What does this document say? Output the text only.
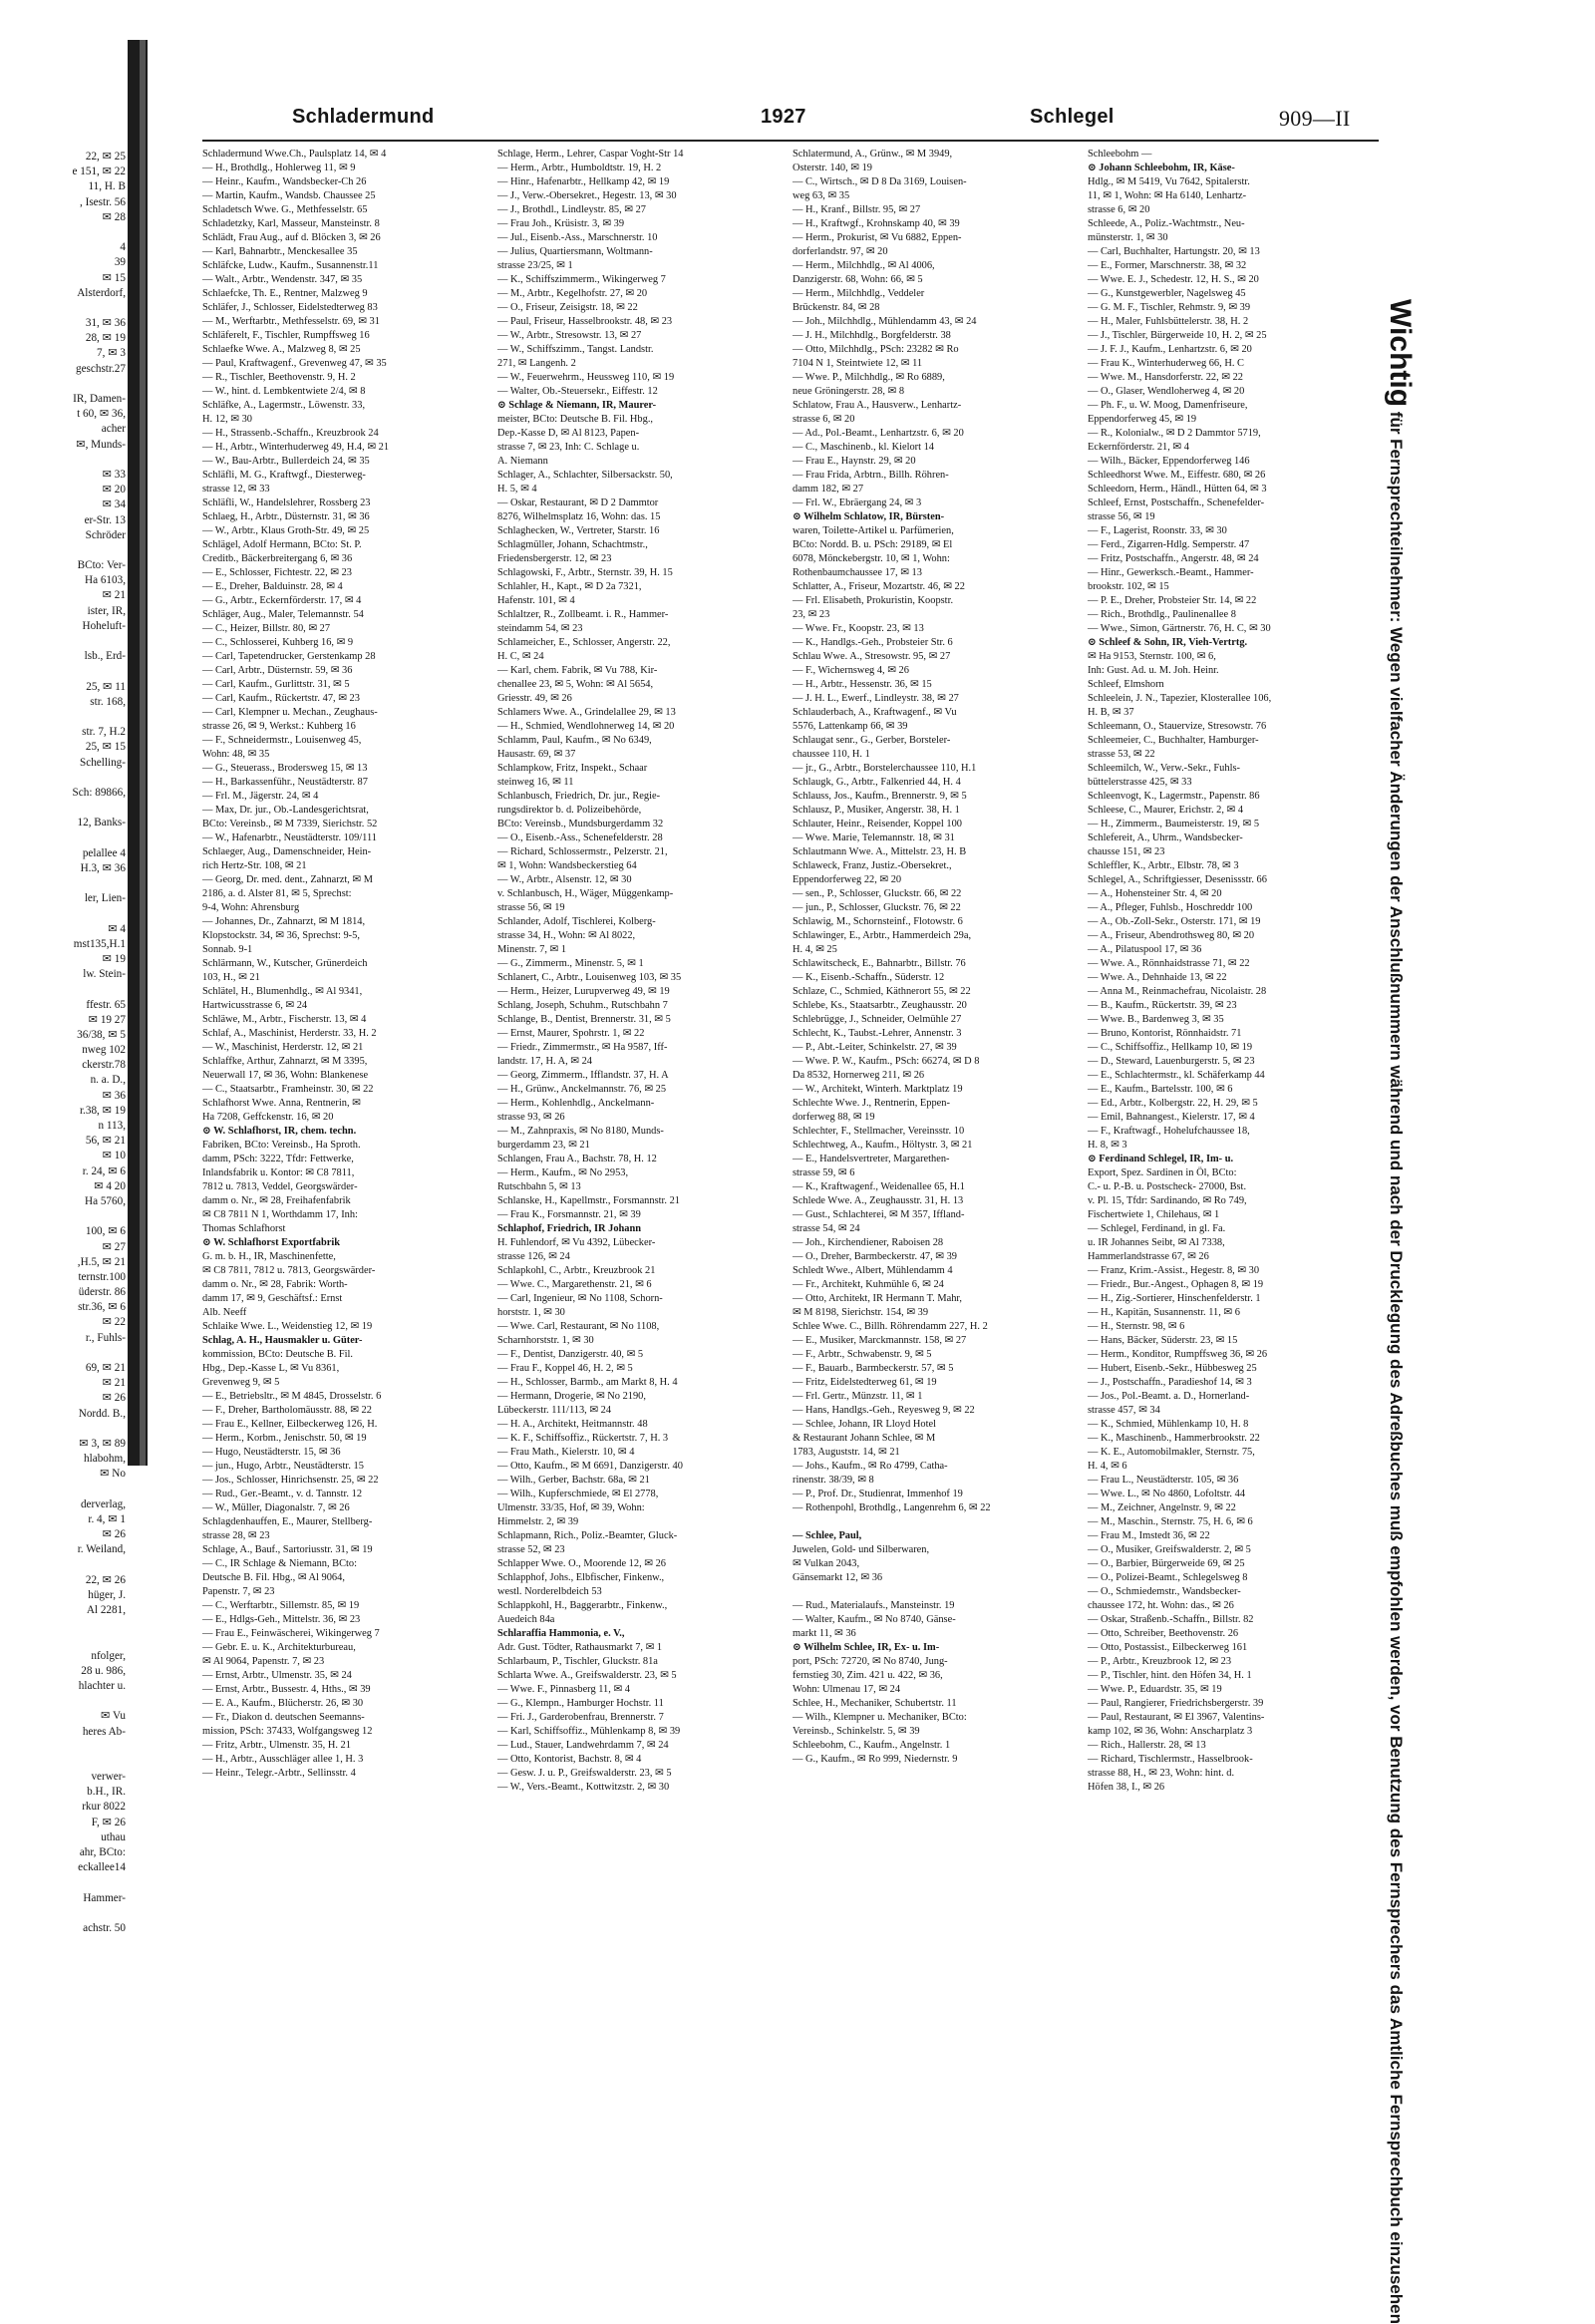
22, ✉ 25
e 151, ✉ 22
11, H. B
, Isestr. 56
✉ 28
4
39
✉ 15
Alsterdorf,
31, ✉ 36
28, ✉ 19
7, ✉ 3
geschstr.27
IR, Damen-
t 60, ✉ 36,
acher
✉, Munds-
✉ 33
✉ 20
✉ 34
er-Str. 13
Schröder
BCto: Ver-
Ha 6103,
✉ 21
ister, IR,
Hoheluft-
lsb., Erd-
25, ✉ 11
str. 168,
str. 7, H.2
25, ✉ 15
Schelling-
Sch: 89866,
12, Banks-
pelallee 4
H.3, ✉ 36
ler, Lien-
✉ 4
mst135,H.1
✉ 19
lw. Stein-
ffestr. 65
✉ 19 27
36/38, ✉ 5
nweg 102
ckerstr.78
n. a. D.,
✉ 36
r.38, ✉ 19
n 113,
56, ✉ 21
✉ 10
r. 24, ✉ 6
✉ 4 20
Ha 5760,
100, ✉ 6
✉ 27
,H.5, ✉ 21
ternstr.100
üderstr. 86
str.36, ✉ 6
✉ 22
r., Fuhls-
69, ✉ 21
✉ 21
✉ 26
Nordd. B.,
✉ 3, ✉ 89
hlabohm,
✉ No
derverlag,
r. 4, ✉ 1
✉ 26
r. Weiland,
22, ✉ 26
hüger, J.
Al 2281,
nfolger,
28 u. 986,
hlachter u.
✉ Vu
heres Ab-
verwer-
b.H., IR.
rkur 8022
F, ✉ 26
uthau
ahr, BCto:
eckallee14
Hammer-
achstr. 50
Schladermund	1927	Schlegel	909—II
Schladermund Wwe.Ch., Paulsplatz 14, ✉ 4
— H., Brothdlg., Hohlerweg 11, ✉ 9
— Heinr., Kaufm., Wandsbecker-Ch 26
— Martin, Kaufm., Wandsb. Chaussee 25
Schladetsch Wwe. G., Methfesselstr. 65
Schladetzky, Karl, Masseur, Mansteinstr. 8
Schlädt, Frau Aug., auf d. Blöcken 3, ✉ 26
— Karl, Bahnarbtr., Menckesallee 35
Schläfcke, Ludw., Kaufm., Susannenstr.11
— Walt., Arbtr., Wendenstr. 347, ✉ 35
Schlaefcke, Th. E., Rentner, Malzweg 9
Schläfer, J., Schlosser, Eidelstedterweg 83
— M., Werftarbtr., Methfesselstr. 69, ✉ 31
Schläferelt, F., Tischler, Rumpffsweg 16
Schlaefke Wwe. A., Malzweg 8, ✉ 25
— Paul, Kraftwagenf., Grevenweg 47, ✉ 35
— R., Tischler, Beethovenstr. 9, H. 2
— W., hint. d. Lembkentwiete 2/4, ✉ 8
Schläfke, A., Lagermstr., Löwenstr. 33,
H. 12, ✉ 30
— H., Strassenb.-Schaffn., Kreuzbrook 24
— H., Arbtr., Winterhuderweg 49, H.4, ✉ 21
— W., Bau-Arbtr., Bullerdeich 24, ✉ 35
Schläfli, M. G., Kraftwgf., Diesterweg-
strasse 12, ✉ 33
Schläfli, W., Handelslehrer, Rossberg 23
Schlaeg, H., Arbtr., Düsternstr. 31, ✉ 36
— W., Arbtr., Klaus Groth-Str. 49, ✉ 25
Schlägel, Adolf Hermann, BCto: St. P.
Creditb., Bäckerbreitergang 6, ✉ 36
— E., Schlosser, Fichtestr. 22, ✉ 23
— E., Dreher, Balduinstr. 28, ✉ 4
— G., Arbtr., Eckernförderstr. 17, ✉ 4
Schläger, Aug., Maler, Telemannstr. 54
— C., Heizer, Billstr. 80, ✉ 27
— C., Schlosserei, Kuhberg 16, ✉ 9
— Carl, Tapetendrucker, Gerstenkamp 28
— Carl, Arbtr., Düsternstr. 59, ✉ 36
— Carl, Kaufm., Gurlittstr. 31, ✉ 5
— Carl, Kaufm., Rückertstr. 47, ✉ 23
— Carl, Klempner u. Mechan., Zeughaus-
strasse 26, ✉ 9, Werkst.: Kuhberg 16
— F., Schneidermstr., Louisenweg 45,
Wohn: 48, ✉ 35
— G., Steuerass., Brodersweg 15, ✉ 13
— H., Barkassenführ., Neustädterstr. 87
— Frl. M., Jägerstr. 24, ✉ 4
— Max, Dr. jur., Ob.-Landesgerichtsrat,
BCto: Vereinsb., ✉ M 7339, Sierichstr. 52
— W., Hafenarbtr., Neustädterstr. 109/111
Schlaeger, Aug., Damenschneider, Hein-
rich Hertz-Str. 108, ✉ 21
— Georg, Dr. med. dent., Zahnarzt, ✉ M
2186, a. d. Alster 81, ✉ 5, Sprechst:
9-4, Wohn: Ahrensburg
— Johannes, Dr., Zahnarzt, ✉ M 1814,
Klopstockstr. 34, ✉ 36, Sprechst: 9-5,
Sonnab. 9-1
Schlärmann, W., Kutscher, Grünerdeich
103, H., ✉ 21
Schlätel, H., Blumenhdlg., ✉ Al 9341,
Hartwicusstrasse 6, ✉ 24
Schläwe, M., Arbtr., Fischerstr. 13, ✉ 4
Schlaf, A., Maschinist, Herderstr. 33, H. 2
— W., Maschinist, Herderstr. 12, ✉ 21
Schlaffke, Arthur, Zahnarzt, ✉ M 3395,
Neuerwall 17, ✉ 36, Wohn: Blankenese
— C., Staatsarbtr., Framheinstr. 30, ✉ 22
Schlafhorst Wwe. Anna, Rentnerin, ✉
Ha 7208, Geffckenstr. 16, ✉ 20
⊙ W. Schlafhorst, IR, chem. techn.
Fabriken, BCto: Vereinsb., Ha Sproth.
damm, PSch: 3222, Tfdr: Fettwerke,
Inlandsfabrik u. Kontor: ✉ C8 7811,
7812 u. 7813, Veddel, Georgswärder-
damm o. Nr., ✉ 28, Freihafenfabrik
✉ C8 7811 N 1, Worthdamm 17, Inh:
Thomas Schlafhorst
⊙ W. Schlafhorst Exportfabrik
G. m. b. H., IR, Maschinenfette,
✉ C8 7811, 7812 u. 7813, Georgswärder-
damm o. Nr., ✉ 28, Fabrik: Worth-
damm 17, ✉ 9, Geschäftsf.: Ernst
Alb. Neeff
Schlaike Wwe. L., Weidenstieg 12, ✉ 19
Schlag, A. H., Hausmakler u. Güter-
kommission, BCto: Deutsche B. Fil.
Hbg., Dep.-Kasse L, ✉ Vu 8361,
Grevenweg 9, ✉ 5
— E., Betriebsltr., ✉ M 4845, Drosselstr. 6
— F., Dreher, Bartholomäusstr. 88, ✉ 22
— Frau E., Kellner, Eilbeckerweg 126, H.
— Herm., Korbm., Jenischstr. 50, ✉ 19
— Hugo, Neustädterstr. 15, ✉ 36
— jun., Hugo, Arbtr., Neustädterstr. 15
— Jos., Schlosser, Hinrichsenstr. 25, ✉ 22
— Rud., Ger.-Beamt., v. d. Tannstr. 12
— W., Müller, Diagonalstr. 7, ✉ 26
Schlagdenhauffen, E., Maurer, Stellberg-
strasse 28, ✉ 23
Schlage, A., Bauf., Sartoriusstr. 31, ✉ 19
— C., IR Schlage & Niemann, BCto:
Deutsche B. Fil. Hbg., ✉ Al 9064,
Papenstr. 7, ✉ 23
— C., Werftarbtr., Sillemstr. 85, ✉ 19
— E., Hdlgs-Geh., Mittelstr. 36, ✉ 23
— Frau E., Feinwäscherei, Wikingerweg 7
— Gebr. E. u. K., Architekturbureau,
✉ Al 9064, Papenstr. 7, ✉ 23
— Ernst, Arbtr., Ulmenstr. 35, ✉ 24
— Ernst, Arbtr., Bussestr. 4, Hths., ✉ 39
— E. A., Kaufm., Blücherstr. 26, ✉ 30
— Fr., Diakon d. deutschen Seemanns-
mission, PSch: 37433, Wolfgangsweg 12
— Fritz, Arbtr., Ulmenstr. 35, H. 21
— H., Arbtr., Ausschläger allee 1, H. 3
— Heinr., Telegr.-Arbtr., Sellinsstr. 4
Schlage, Herm., Lehrer, Caspar Voght-Str 14
— Herm., Arbtr., Humboldtstr. 19, H. 2
— Hinr., Hafenarbtr., Hellkamp 42, ✉ 19
— J., Verw.-Obersekret., Hegestr. 13, ✉ 30
— J., Brothdl., Lindleystr. 85, ✉ 27
— Frau Joh., Krüsistr. 3, ✉ 39
— Jul., Eisenb.-Ass., Marschnerstr. 10
— Julius, Quartiersmann, Woltmann-
strasse 23/25, ✉ 1
— K., Schiffszimmerm., Wikingerweg 7
— M., Arbtr., Kegelhofstr. 27, ✉ 20
— O., Friseur, Zeisigstr. 18, ✉ 22
— Paul, Friseur, Hasselbrookstr. 48, ✉ 23
— W., Arbtr., Stresowstr. 13, ✉ 27
— W., Schiffszimm., Tangst. Landstr.
271, ✉ Langenh. 2
— W., Feuerwehrm., Heussweg 110, ✉ 19
— Walter, Ob.-Steuersekr., Eiffestr. 12
⊙ Schlage & Niemann, IR, Maurer-
meister, BCto: Deutsche B. Fil. Hbg.,
Dep.-Kasse D, ✉ Al 8123, Papen-
strasse 7, ✉ 23, Inh: C. Schlage u.
A. Niemann
Schlager, A., Schlachter, Silbersackstr. 50,
H. 5, ✉ 4
— Oskar, Restaurant, ✉ D 2 Dammtor
8276, Wilhelmsplatz 16, Wohn: das. 15
Schlaghecken, W., Vertreter, Starstr. 16
Schlagmüller, Johann, Schachtmstr.,
Friedensbergerstr. 12, ✉ 23
Schlagowski, F., Arbtr., Sternstr. 39, H. 15
Schlahler, H., Kapt., ✉ D 2a 7321,
Hafenstr. 101, ✉ 4
Schlaltzer, R., Zollbeamt. i. R., Hammer-
steindamm 54, ✉ 23
Schlameicher, E., Schlosser, Angerstr. 22,
H. C, ✉ 24
— Karl, chem. Fabrik, ✉ Vu 788, Kir-
chenallee 23, ✉ 5, Wohn: ✉ Al 5654,
Griesstr. 49, ✉ 26
Schlamers Wwe. A., Grindelallee 29, ✉ 13
— H., Schmied, Wendlohnerweg 14, ✉ 20
Schlamm, Paul, Kaufm., ✉ No 6349,
Hausastr. 69, ✉ 37
Schlampkow, Fritz, Inspekt., Schaar
steinweg 16, ✉ 11
Schlanbusch, Friedrich, Dr. jur., Regie-
rungsdirektor b. d. Polizeibehörde,
BCto: Vereinsb., Mundsburgerdamm 32
— O., Eisenb.-Ass., Schenefelderstr. 28
— Richard, Schlossermstr., Pelzerstr. 21,
✉ 1, Wohn: Wandsbeckerstieg 64
— W., Arbtr., Alsenstr. 12, ✉ 30
v. Schlanbusch, H., Wäger, Müggenkamp-
strasse 56, ✉ 19
Schlander, Adolf, Tischlerei, Kolberg-
strasse 34, H., Wohn: ✉ Al 8022,
Minenstr. 7, ✉ 1
— G., Zimmerm., Minenstr. 5, ✉ 1
Schlanert, C., Arbtr., Louisenweg 103, ✉ 35
— Herm., Heizer, Lurupverweg 49, ✉ 19
Schlang, Joseph, Schuhm., Rutschbahn 7
Schlange, B., Dentist, Brennerstr. 31, ✉ 5
— Ernst, Maurer, Spohrstr. 1, ✉ 22
— Friedr., Zimmermstr., ✉ Ha 9587, Iff-
landstr. 17, H. A, ✉ 24
— Georg, Zimmerm., Ifflandstr. 37, H. A
— H., Grünw., Anckelmannstr. 76, ✉ 25
— Herm., Kohlenhdlg., Anckelmann-
strasse 93, ✉ 26
— M., Zahnpraxis, ✉ No 8180, Munds-
burgerdamm 23, ✉ 21
Schlangen, Frau A., Bachstr. 78, H. 12
— Herm., Kaufm., ✉ No 2953,
Rutschbahn 5, ✉ 13
Schlanske, H., Kapellmstr., Forsmannstr. 21
— Frau K., Forsmannstr. 21, ✉ 39
Schlaphof, Friedrich, IR Johann
H. Fuhlendorf, ✉ Vu 4392, Lübecker-
strasse 126, ✉ 24
Schlapkohl, C., Arbtr., Kreuzbrook 21
— Wwe. C., Margarethenstr. 21, ✉ 6
— Carl, Ingenieur, ✉ No 1108, Schorn-
horststr. 1, ✉ 30
— Wwe. Carl, Restaurant, ✉ No 1108,
Scharnhorststr. 1, ✉ 30
— F., Dentist, Danzigerstr. 40, ✉ 5
— Frau F., Koppel 46, H. 2, ✉ 5
— H., Schlosser, Barmb., am Markt 8, H. 4
— Hermann, Drogerie, ✉ No 2190,
Lübeckerstr. 111/113, ✉ 24
— H. A., Architekt, Heitmannstr. 48
— K. F., Schiffsoffiz., Rückertstr. 7, H. 3
— Frau Math., Kielerstr. 10, ✉ 4
— Otto, Kaufm., ✉ M 6691, Danzigerstr. 40
— Wilh., Gerber, Bachstr. 68a, ✉ 21
— Wilh., Kupferschmiede, ✉ El 2778,
Ulmenstr. 33/35, Hof, ✉ 39, Wohn:
Himmelstr. 2, ✉ 39
Schlapmann, Rich., Poliz.-Beamter, Gluck-
strasse 52, ✉ 23
Schlapper Wwe. O., Moorende 12, ✉ 26
Schlapphof, Johs., Elbfischer, Finkenw.,
westl. Norderelbdeich 53
Schlappkohl, H., Baggerarbtr., Finkenw.,
Auedeich 84a
Schlaraffia Hammonia, e. V.,
Adr. Gust. Tödter, Rathausmarkt 7, ✉ 1
Schlarbaum, P., Tischler, Gluckstr. 81a
Schlarta Wwe. A., Greifswalderstr. 23, ✉ 5
— Wwe. F., Pinnasberg 11, ✉ 4
— G., Klempn., Hamburger Hochstr. 11
— Fri. J., Garderobenfrau, Brennerstr. 7
— Karl, Schiffsoffiz., Mühlenkamp 8, ✉ 39
— Lud., Stauer, Landwehrdamm 7, ✉ 24
— Otto, Kontorist, Bachstr. 8, ✉ 4
— Gesw. J. u. P., Greifswalderstr. 23, ✉ 5
— W., Vers.-Beamt., Kottwitzstr. 2, ✉ 30
Schlatermund, A., Grünw., ✉ M 3949,
Osterstr. 140, ✉ 19
— C., Wirtsch., ✉ D 8 Da 3169, Louisen-
weg 63, ✉ 35
— H., Kranf., Billstr. 95, ✉ 27
— H., Kraftwgf., Krohnskamp 40, ✉ 39
— Herm., Prokurist, ✉ Vu 6882, Eppen-
dorferlandstr. 97, ✉ 20
— Herm., Milchhdlg., ✉ Al 4006,
Danzigerstr. 68, Wohn: 66, ✉ 5
— Herm., Milchhdlg., Veddeler
Brückenstr. 84, ✉ 28
— Joh., Milchhdlg., Mühlendamm 43, ✉ 24
— J. H., Milchhdlg., Borgfelderstr. 38
— Otto, Milchhdlg., PSch: 23282 ✉ Ro
7104 N 1, Steintwiete 12, ✉ 11
— Wwe. P., Milchhdlg., ✉ Ro 6889,
neue Gröningerstr. 28, ✉ 8
Schlatow, Frau A., Hausverw., Lenhartz-
strasse 6, ✉ 20
— Ad., Pol.-Beamt., Lenhartzstr. 6, ✉ 20
— C., Maschinenb., kl. Kielort 14
— Frau E., Haynstr. 29, ✉ 20
— Frau Frida, Arbtrn., Billh. Röhren-
damm 182, ✉ 27
— Frl. W., Ebräergang 24, ✉ 3
⊙ Wilhelm Schlatow, IR, Bürsten-
waren, Toilette-Artikel u. Parfümerien,
BCto: Nordd. B. u. PSch: 29189, ✉ El
6078, Mönckebergstr. 10, ✉ 1, Wohn:
Rothenbaumchaussee 17, ✉ 13
Schlatter, A., Friseur, Mozartstr. 46, ✉ 22
— Frl. Elisabeth, Prokuristin, Koopstr.
23, ✉ 23
— Wwe. Fr., Koopstr. 23, ✉ 13
— K., Handlgs.-Geh., Probsteier Str. 6
Schlau Wwe. A., Stresowstr. 95, ✉ 27
— F., Wichernsweg 4, ✉ 26
— H., Arbtr., Hessenstr. 36, ✉ 15
— J. H. L., Ewerf., Lindleystr. 38, ✉ 27
Schlauderbach, A., Kraftwagenf., ✉ Vu
5576, Lattenkamp 66, ✉ 39
Schlaugat senr., G., Gerber, Borsteler-
chaussee 110, H. 1
— jr., G., Arbtr., Borstelerchaussee 110, H.1
Schlaugk, G., Arbtr., Falkenried 44, H. 4
Schlauss, Jos., Kaufm., Brennerstr. 9, ✉ 5
Schlausz, P., Musiker, Angerstr. 38, H. 1
Schlauter, Heinr., Reisender, Koppel 100
— Wwe. Marie, Telemannstr. 18, ✉ 31
Schlautmann Wwe. A., Mittelstr. 23, H. B
Schlaweck, Franz, Justiz.-Obersekret.,
Eppendorferweg 22, ✉ 20
— sen., P., Schlosser, Gluckstr. 66, ✉ 22
— jun., P., Schlosser, Gluckstr. 76, ✉ 22
Schlawig, M., Schornsteinf., Flotowstr. 6
Schlawinger, E., Arbtr., Hammerdeich 29a,
H. 4, ✉ 25
Schlawitscheck, E., Bahnarbtr., Billstr. 76
— K., Eisenb.-Schaffn., Süderstr. 12
Schlaze, C., Schmied, Käthnerort 55, ✉ 22
Schlebe, Ks., Staatsarbtr., Zeughausstr. 20
Schlebrügge, J., Schneider, Oelmühle 27
Schlecht, K., Taubst.-Lehrer, Annenstr. 3
— P., Abt.-Leiter, Schinkelstr. 27, ✉ 39
— Wwe. P. W., Kaufm., PSch: 66274, ✉ D 8
Da 8532, Hornerweg 211, ✉ 26
— W., Architekt, Winterh. Marktplatz 19
Schlechte Wwe. J., Rentnerin, Eppen-
dorferweg 88, ✉ 19
Schlechter, F., Stellmacher, Vereinsstr. 10
Schlechtweg, A., Kaufm., Höltystr. 3, ✉ 21
— E., Handelsvertreter, Margarethen-
strasse 59, ✉ 6
— K., Kraftwagenf., Weidenallee 65, H.1
Schlede Wwe. A., Zeughausstr. 31, H. 13
— Gust., Schlachterei, ✉ M 357, Iffland-
strasse 54, ✉ 24
— Joh., Kirchendiener, Raboisen 28
— O., Dreher, Barmbeckerstr. 47, ✉ 39
Schledt Wwe., Albert, Mühlendamm 4
— Fr., Architekt, Kuhmühle 6, ✉ 24
— Otto, Architekt, IR Hermann T. Mahr,
✉ M 8198, Sierichstr. 154, ✉ 39
Schlee Wwe. C., Billh. Röhrendamm 227, H. 2
— E., Musiker, Marckmannstr. 158, ✉ 27
— F., Arbtr., Schwabenstr. 9, ✉ 5
— F., Bauarb., Barmbeckerstr. 57, ✉ 5
— Fritz, Eidelstedterweg 61, ✉ 19
— Frl. Gertr., Münzstr. 11, ✉ 1
— Hans, Handlgs.-Geh., Reyesweg 9, ✉ 22
— Schlee, Johann, IR Lloyd Hotel
& Restaurant Johann Schlee, ✉ M
1783, Auguststr. 14, ✉ 21
— Johs., Kaufm., ✉ Ro 4799, Catha-
rinenstr. 38/39, ✉ 8
— P., Prof. Dr., Studienrat, Immenhof 19
— Rothenpohl, Brothdlg., Langenrehm 6, ✉ 22
— Schlee, Paul,
Juwelen, Gold- und Silberwaren,
✉ Vulkan 2043,
Gänsemarkt 12, ✉ 36
— Rud., Materialaufs., Mansteinstr. 19
— Walter, Kaufm., ✉ No 8740, Gänse-
markt 11, ✉ 36
⊙ Wilhelm Schlee, IR, Ex- u. Im-
port, PSch: 72720, ✉ No 8740, Jung-
fernstieg 30, Zim. 421 u. 422, ✉ 36,
Wohn: Ulmenau 17, ✉ 24
Schlee, H., Mechaniker, Schubertstr. 11
— Wilh., Klempner u. Mechaniker, BCto:
Vereinsb., Schinkelstr. 5, ✉ 39
Schleebohm, C., Kaufm., Angelnstr. 1
— G., Kaufm., ✉ Ro 999, Niedernstr. 9
Schleebohm —
⊙ Johann Schleebohm, IR, Käse-
Hdlg., ✉ M 5419, Vu 7642, Spitalerstr.
11, ✉ 1, Wohn: ✉ Ha 6140, Lenhartz-
strasse 6, ✉ 20
Schleede, A., Poliz.-Wachtmstr., Neu-
münsterstr. 1, ✉ 30
— Carl, Buchhalter, Hartungstr. 20, ✉ 13
— E., Former, Marschnerstr. 38, ✉ 32
— Wwe. E. J., Schedestr. 12, H. S., ✉ 20
— G., Kunstgewerbler, Nagelsweg 45
— G. M. F., Tischler, Rehmstr. 9, ✉ 39
— H., Maler, Fuhlsbüttelerstr. 38, H. 2
— J., Tischler, Bürgerweide 10, H. 2, ✉ 25
— J. F. J., Kaufm., Lenhartzstr. 6, ✉ 20
— Frau K., Winterhuderweg 66, H. C
— Wwe. M., Hansdorferstr. 22, ✉ 22
— O., Glaser, Wendloherweg 4, ✉ 20
— Ph. F., u. W. Moog, Damenfriseure,
Eppendorferweg 45, ✉ 19
— R., Kolonialw., ✉ D 2 Dammtor 5719,
Eckernförderstr. 21, ✉ 4
— Wilh., Bäcker, Eppendorferweg 146
Schleedhorst Wwe. M., Eiffestr. 680, ✉ 26
Schleedorn, Herm., Händl., Hütten 64, ✉ 3
Schleef, Ernst, Postschaffn., Schenefelder-
strasse 56, ✉ 19
— F., Lagerist, Roonstr. 33, ✉ 30
— Ferd., Zigarren-Hdlg. Semperstr. 47
— Fritz, Postschaffn., Angerstr. 48, ✉ 24
— Hinr., Gewerksch.-Beamt., Hammer-
brookstr. 102, ✉ 15
— P. E., Dreher, Probsteier Str. 14, ✉ 22
— Rich., Brothdlg., Paulinenallee 8
— Wwe., Simon, Gärtnerstr. 76, H. C, ✉ 30
⊙ Schleef & Sohn, IR, Vieh-Vertrtg.
✉ Ha 9153, Sternstr. 100, ✉ 6,
Inh: Gust. Ad. u. M. Joh. Heinr.
Schleef, Elmshorn
Schleelein, J. N., Tapezier, Klosterallee 106,
H. B, ✉ 37
Schleemann, O., Stauervize, Stresowstr. 76
Schleemeier, C., Buchhalter, Hamburger-
strasse 53, ✉ 22
Schleemilch, W., Verw.-Sekr., Fuhls-
büttelerstrasse 425, ✉ 33
Schleenvogt, K., Lagermstr., Papenstr. 86
Schleese, C., Maurer, Erichstr. 2, ✉ 4
— H., Zimmerm., Baumeisterstr. 19, ✉ 5
Schlefereit, A., Uhrm., Wandsbecker-
chausse 151, ✉ 23
Schleffler, K., Arbtr., Elbstr. 78, ✉ 3
Schlegel, A., Schriftgiesser, Desenissstr. 66
— A., Hohensteiner Str. 4, ✉ 20
— A., Pfleger, Fuhlsb., Hoschreddr 100
— A., Ob.-Zoll-Sekr., Osterstr. 171, ✉ 19
— A., Friseur, Abendrothsweg 80, ✉ 20
— A., Pilatuspool 17, ✉ 36
— Wwe. A., Rönnhaidstrasse 71, ✉ 22
— Wwe. A., Dehnhaide 13, ✉ 22
— Anna M., Reinmachefrau, Nicolaistr. 28
— B., Kaufm., Rückertstr. 39, ✉ 23
— Wwe. B., Bardenweg 3, ✉ 35
— Bruno, Kontorist, Rönnhaidstr. 71
— C., Schiffsoffiz., Hellkamp 10, ✉ 19
— D., Steward, Lauenburgerstr. 5, ✉ 23
— E., Schlachtermstr., kl. Schäferkamp 44
— E., Kaufm., Bartelsstr. 100, ✉ 6
— Ed., Arbtr., Kolbergstr. 22, H. 29, ✉ 5
— Emil, Bahnangest., Kielerstr. 17, ✉ 4
— F., Kraftwagf., Hohelufchaussee 18,
H. 8, ✉ 3
⊙ Ferdinand Schlegel, IR, Im- u.
Export, Spez. Sardinen in Öl, BCto:
C.- u. P.-B. u. Postscheck- 27000, Bst.
v. Pl. 15, Tfdr: Sardinando, ✉ Ro 749,
Fischertwiete 1, Chilehaus, ✉ 1
— Schlegel, Ferdinand, in gl. Fa.
u. IR Johannes Seibt, ✉ Al 7338,
Hammerlandstrasse 67, ✉ 26
— Franz, Krim.-Assist., Hegestr. 8, ✉ 30
— Friedr., Bur.-Angest., Ophagen 8, ✉ 19
— H., Zig.-Sortierer, Hinschenfelderstr. 1
— H., Kapitän, Susannenstr. 11, ✉ 6
— H., Sternstr. 98, ✉ 6
— Hans, Bäcker, Süderstr. 23, ✉ 15
— Herm., Konditor, Rumpffsweg 36, ✉ 26
— Hubert, Eisenb.-Sekr., Hübbesweg 25
— J., Postschaffn., Paradieshof 14, ✉ 3
— Jos., Pol.-Beamt. a. D., Hornerland-
strasse 457, ✉ 34
— K., Schmied, Mühlenkamp 10, H. 8
— K., Maschinenb., Hammerbrookstr. 22
— K. E., Automobilmakler, Sternstr. 75,
H. 4, ✉ 6
— Frau L., Neustädterstr. 105, ✉ 36
— Wwe. L., ✉ No 4860, Lofoltstr. 44
— M., Zeichner, Angelnstr. 9, ✉ 22
— M., Maschin., Sternstr. 75, H. 6, ✉ 6
— Frau M., Imstedt 36, ✉ 22
— O., Musiker, Greifswalderstr. 2, ✉ 5
— O., Barbier, Bürgerweide 69, ✉ 25
— O., Polizei-Beamt., Schlegelsweg 8
— O., Schmiedemstr., Wandsbecker-
chaussee 172, ht. Wohn: das., ✉ 26
— Oskar, Straßenb.-Schaffn., Billstr. 82
— Otto, Schreiber, Beethovenstr. 26
— Otto, Postassist., Eilbeckerweg 161
— P., Arbtr., Kreuzbrook 12, ✉ 23
— P., Tischler, hint. den Höfen 34, H. 1
— Wwe. P., Eduardstr. 35, ✉ 19
— Paul, Rangierer, Friedrichsbergerstr. 39
— Paul, Restaurant, ✉ El 3967, Valentins-
kamp 102, ✉ 36, Wohn: Anscharplatz 3
— Rich., Hallerstr. 28, ✉ 13
— Richard, Tischlermstr., Hasselbrook-
strasse 88, H., ✉ 23, Wohn: hint. d.
Höfen 38, I., ✉ 26
Wichtig für Fernsprechteilnehmer: Wegen vielfacher Änderungen der Anschlußnummern während und nach der Drucklegung des Adreßbuches muß empfohlen werden, vor Benutzung des Fernsprechers das Amtliche Fernsprechbuch einzusehen
